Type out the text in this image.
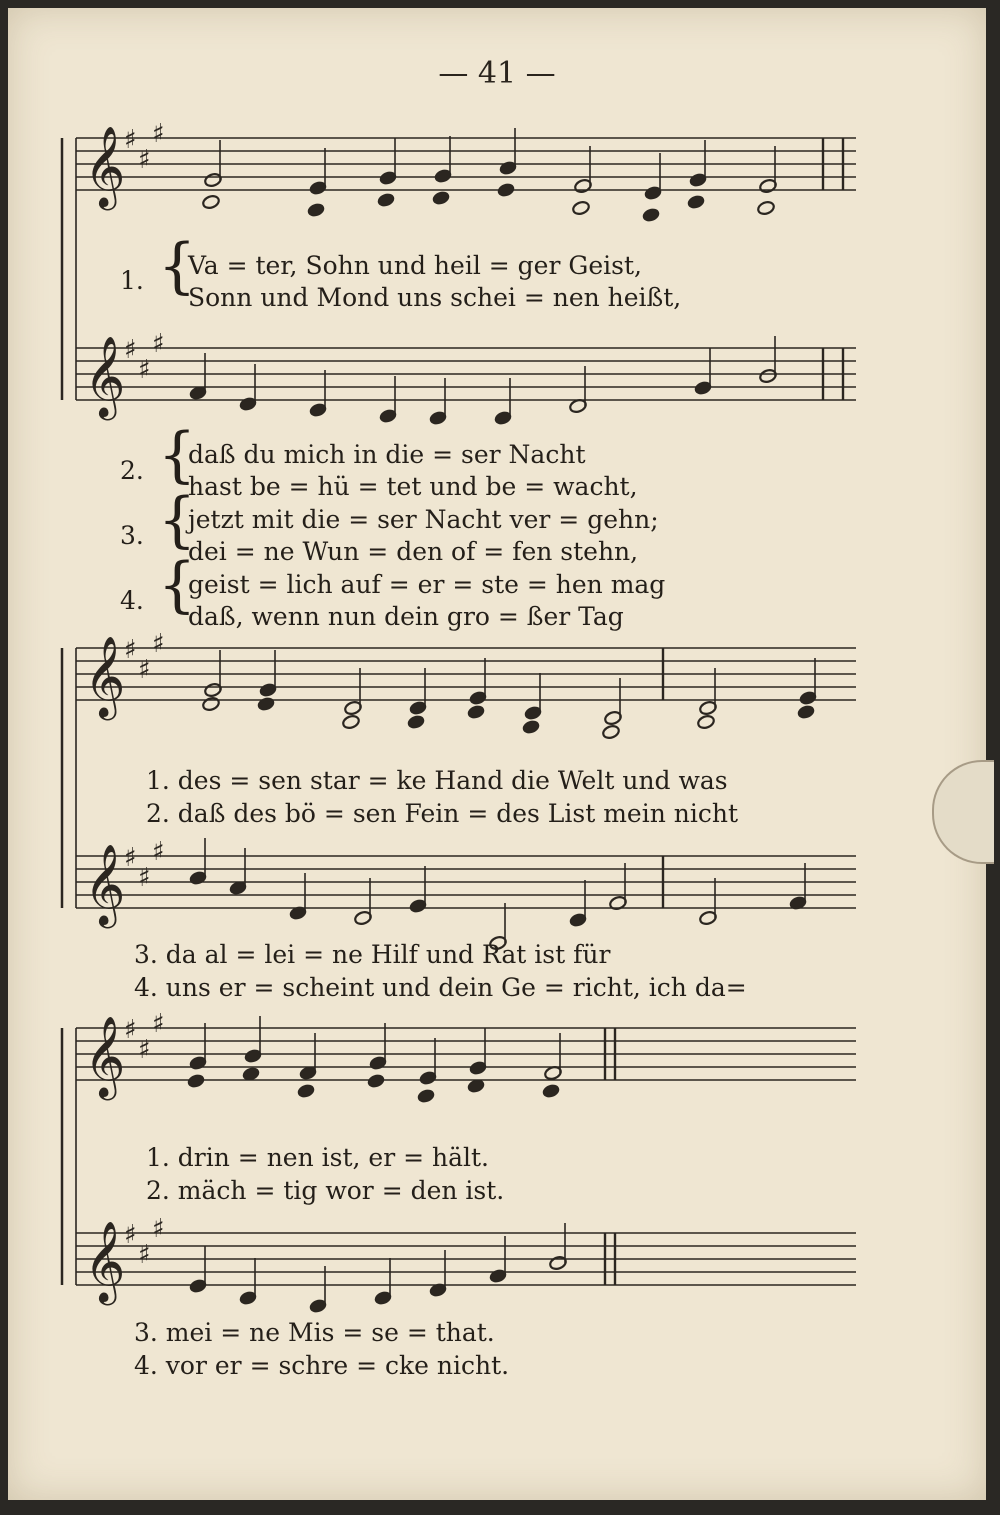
— 41 —
𝄞
♯
♯
♯
𝄞
♯
♯
♯
𝄞
♯
♯
♯
𝄞
♯
♯
♯
𝄞
♯
♯
♯
𝄞
♯
♯
♯
1. {
Va = ter, Sohn und heil = ger Geist,
Sonn und Mond uns schei = nen heißt,
2. {
daß du mich in die = ser Nacht
hast be = hü = tet und be = wacht,
3. {
jetzt mit die = ser Nacht ver = gehn;
dei = ne Wun = den of = fen stehn,
4. {
geist = lich auf = er = ste = hen mag
daß, wenn nun dein gro = ßer Tag
1. des = sen star = ke Hand die Welt und was
2. daß des bö = sen Fein = des List mein nicht
3. da al = lei = ne Hilf und Rat ist für
4. uns er = scheint und dein Ge = richt, ich da=
1. drin = nen ist, er = hält.
2. mäch = tig wor = den ist.
3. mei = ne Mis = se = that.
4. vor er = schre = cke nicht.
